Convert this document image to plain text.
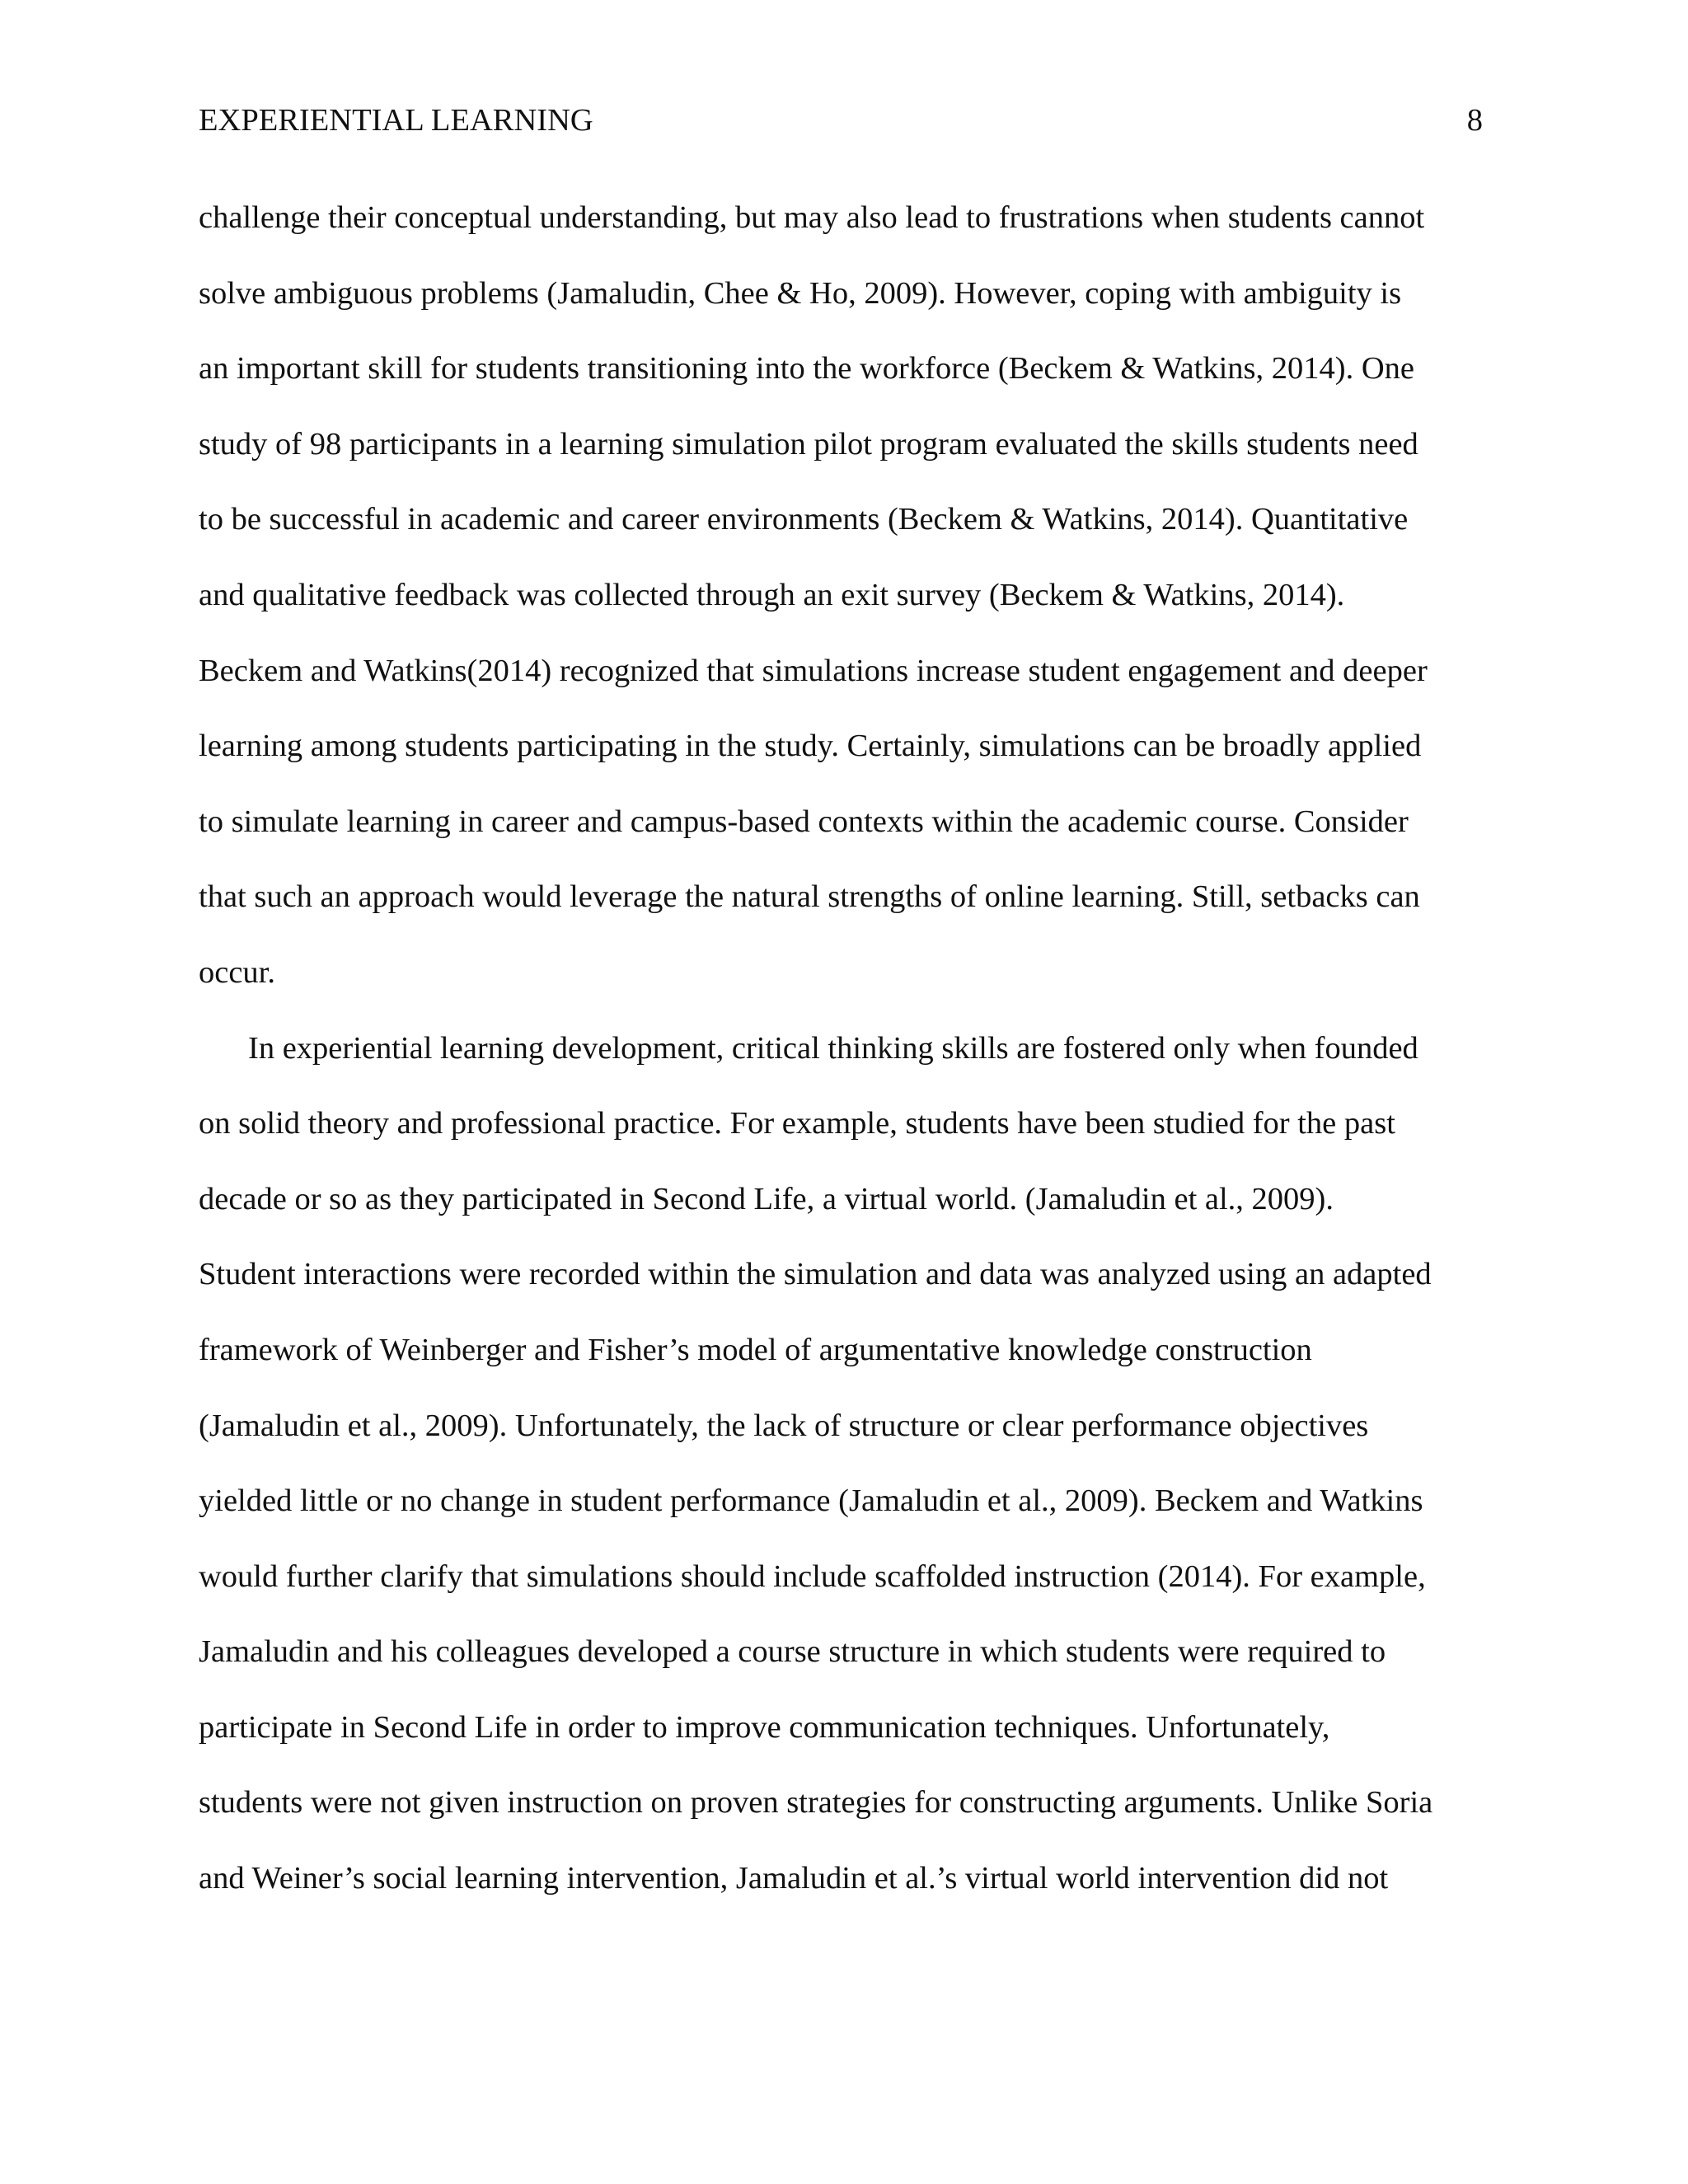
EXPERIENTIAL LEARNING	8
challenge their conceptual understanding, but may also lead to frustrations when students cannot
solve ambiguous problems (Jamaludin, Chee & Ho, 2009). However, coping with ambiguity is
an important skill for students transitioning into the workforce (Beckem & Watkins, 2014). One
study of 98 participants in a learning simulation pilot program evaluated the skills students need
to be successful in academic and career environments (Beckem & Watkins, 2014). Quantitative
and qualitative feedback was collected through an exit survey (Beckem & Watkins, 2014).
Beckem and Watkins(2014) recognized that simulations increase student engagement and deeper
learning among students participating in the study. Certainly, simulations can be broadly applied
to simulate learning in career and campus-based contexts within the academic course. Consider
that such an approach would leverage the natural strengths of online learning. Still, setbacks can
occur.
In experiential learning development, critical thinking skills are fostered only when founded
on solid theory and professional practice. For example, students have been studied for the past
decade or so as they participated in Second Life, a virtual world. (Jamaludin et al., 2009).
Student interactions were recorded within the simulation and data was analyzed using an adapted
framework of Weinberger and Fisher’s model of argumentative knowledge construction
(Jamaludin et al., 2009). Unfortunately, the lack of structure or clear performance objectives
yielded little or no change in student performance (Jamaludin et al., 2009). Beckem and Watkins
would further clarify that simulations should include scaffolded instruction (2014). For example,
Jamaludin and his colleagues developed a course structure in which students were required to
participate in Second Life in order to improve communication techniques. Unfortunately,
students were not given instruction on proven strategies for constructing arguments. Unlike Soria
and Weiner’s social learning intervention, Jamaludin et al.’s virtual world intervention did not
